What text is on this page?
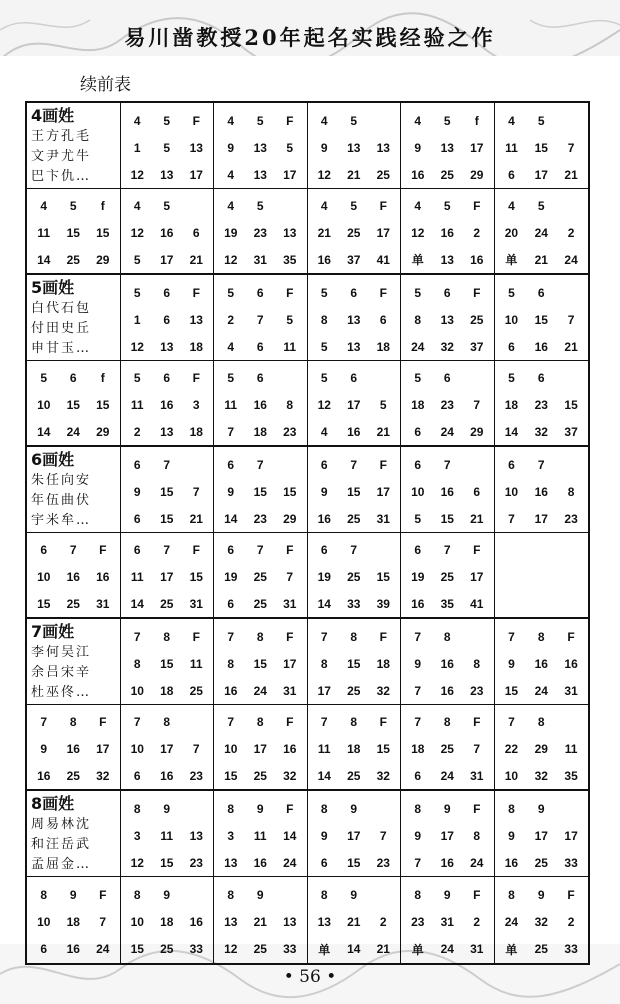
易川凿教授20年起名实践经验之作
续前表
4画姓
王方孔毛
文尹尤牛
巴卞仇…
4 5 F
1 5 13
12 13 17
4 5 F
9 13 5
4 13 17
4 5
9 13 13
12 21 25
4 5 f
9 13 17
16 25 29
4 5
11 15 7
6 17 21
4 5 f
11 15 15
14 25 29
4 5
12 16 6
5 17 21
4 5
19 23 13
12 31 35
4 5 F
21 25 17
16 37 41
4 5 F
12 16 2
单 13 16
4 5
20 24 2
单 21 24
5画姓
白代石包
付田史丘
申甘玉…
5 6 F
1 6 13
12 13 18
5 6 F
2 7 5
4 6 11
5 6 F
8 13 6
5 13 18
5 6 F
8 13 25
24 32 37
5 6
10 15 7
6 16 21
5 6 f
10 15 15
14 24 29
5 6 F
11 16 3
2 13 18
5 6
11 16 8
7 18 23
5 6
12 17 5
4 16 21
5 6
18 23 7
6 24 29
5 6
18 23 15
14 32 37
6画姓
朱任向安
年伍曲伏
宇米牟…
6 7
9 15 7
6 15 21
6 7
9 15 15
14 23 29
6 7 F
9 15 17
16 25 31
6 7
10 16 6
5 15 21
6 7
10 16 8
7 17 23
6 7 F
10 16 16
15 25 31
6 7 F
11 17 15
14 25 31
6 7 F
19 25 7
6 25 31
6 7
19 25 15
14 33 39
6 7 F
19 25 17
16 35 41
7画姓
李何吴江
余吕宋辛
杜巫佟…
7 8 F
8 15 11
10 18 25
7 8 F
8 15 17
16 24 31
7 8 F
8 15 18
17 25 32
7 8
9 16 8
7 16 23
7 8 F
9 16 16
15 24 31
7 8 F
9 16 17
16 25 32
7 8
10 17 7
6 16 23
7 8 F
10 17 16
15 25 32
7 8 F
11 18 15
14 25 32
7 8 F
18 25 7
6 24 31
7 8
22 29 11
10 32 35
8画姓
周易林沈
和汪岳武
孟屈金…
8 9
3 11 13
12 15 23
8 9 F
3 11 14
13 16 24
8 9
9 17 7
6 15 23
8 9 F
9 17 8
7 16 24
8 9
9 17 17
16 25 33
8 9 F
10 18 7
6 16 24
8 9
10 18 16
15 25 33
8 9
13 21 13
12 25 33
8 9
13 21 2
单 14 21
8 9 F
23 31 2
单 24 31
8 9 F
24 32 2
单 25 33
• 56 •
